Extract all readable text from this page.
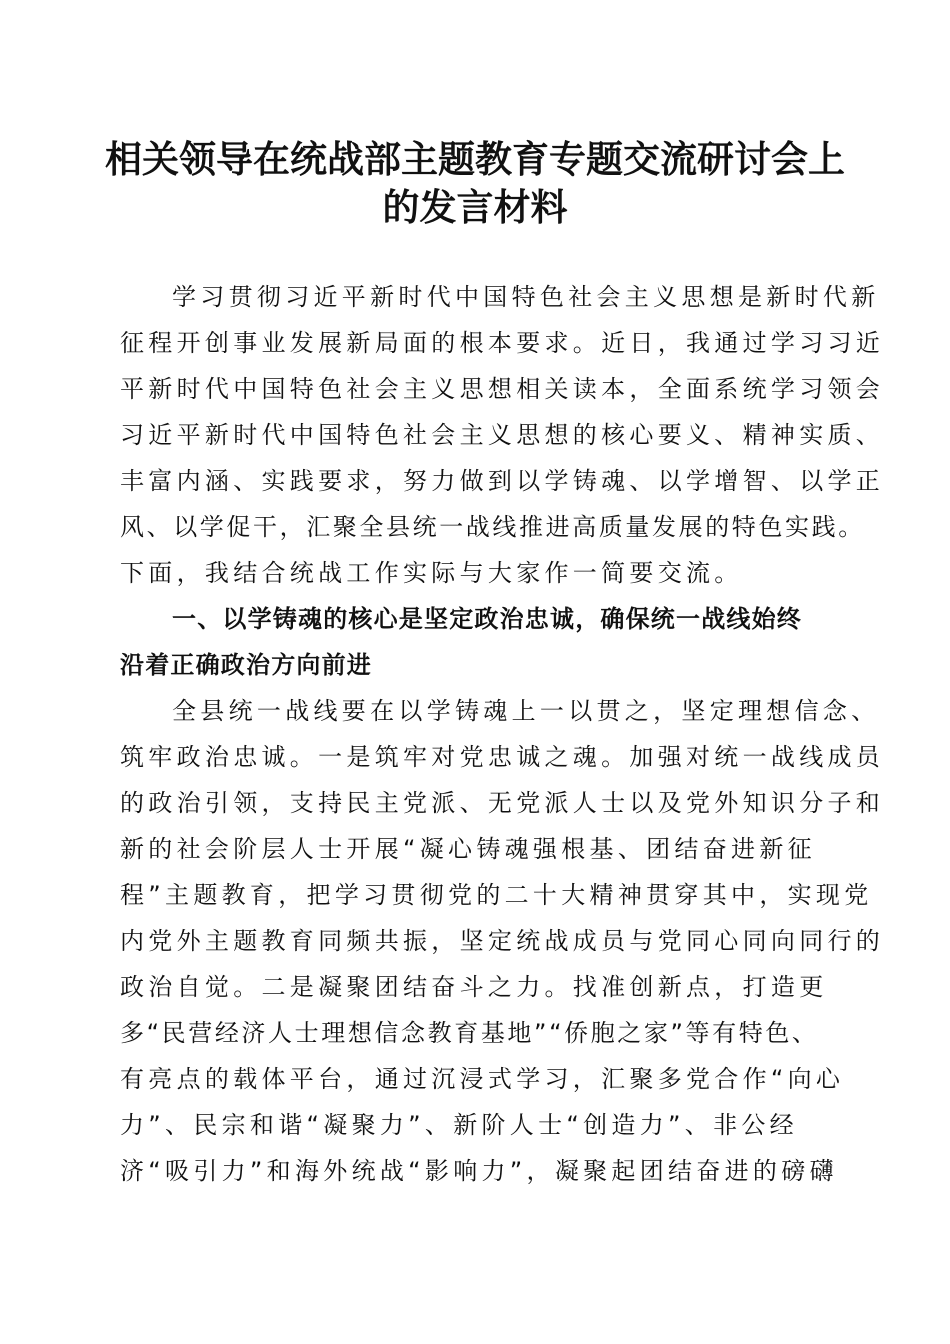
相关领导在统战部主题教育专题交流研讨会上
的发言材料
学习贯彻习近平新时代中国特色社会主义思想是新时代新
征程开创事业发展新局面的根本要求。近日，我通过学习习近
平新时代中国特色社会主义思想相关读本，全面系统学习领会
习近平新时代中国特色社会主义思想的核心要义、精神实质、
丰富内涵、实践要求，努力做到以学铸魂、以学增智、以学正
风、以学促干，汇聚全县统一战线推进高质量发展的特色实践。
下面，我结合统战工作实际与大家作一简要交流。
一、以学铸魂的核心是坚定政治忠诚，确保统一战线始终
沿着正确政治方向前进
全县统一战线要在以学铸魂上一以贯之，坚定理想信念、
筑牢政治忠诚。一是筑牢对党忠诚之魂。加强对统一战线成员
的政治引领，支持民主党派、无党派人士以及党外知识分子和
新的社会阶层人士开展“凝心铸魂强根基、团结奋进新征
程”主题教育，把学习贯彻党的二十大精神贯穿其中，实现党
内党外主题教育同频共振，坚定统战成员与党同心同向同行的
政治自觉。二是凝聚团结奋斗之力。找准创新点，打造更
多“民营经济人士理想信念教育基地”“侨胞之家”等有特色、
有亮点的载体平台，通过沉浸式学习，汇聚多党合作“向心
力”、民宗和谐“凝聚力”、新阶人士“创造力”、非公经
济“吸引力”和海外统战“影响力”，凝聚起团结奋进的磅礴
